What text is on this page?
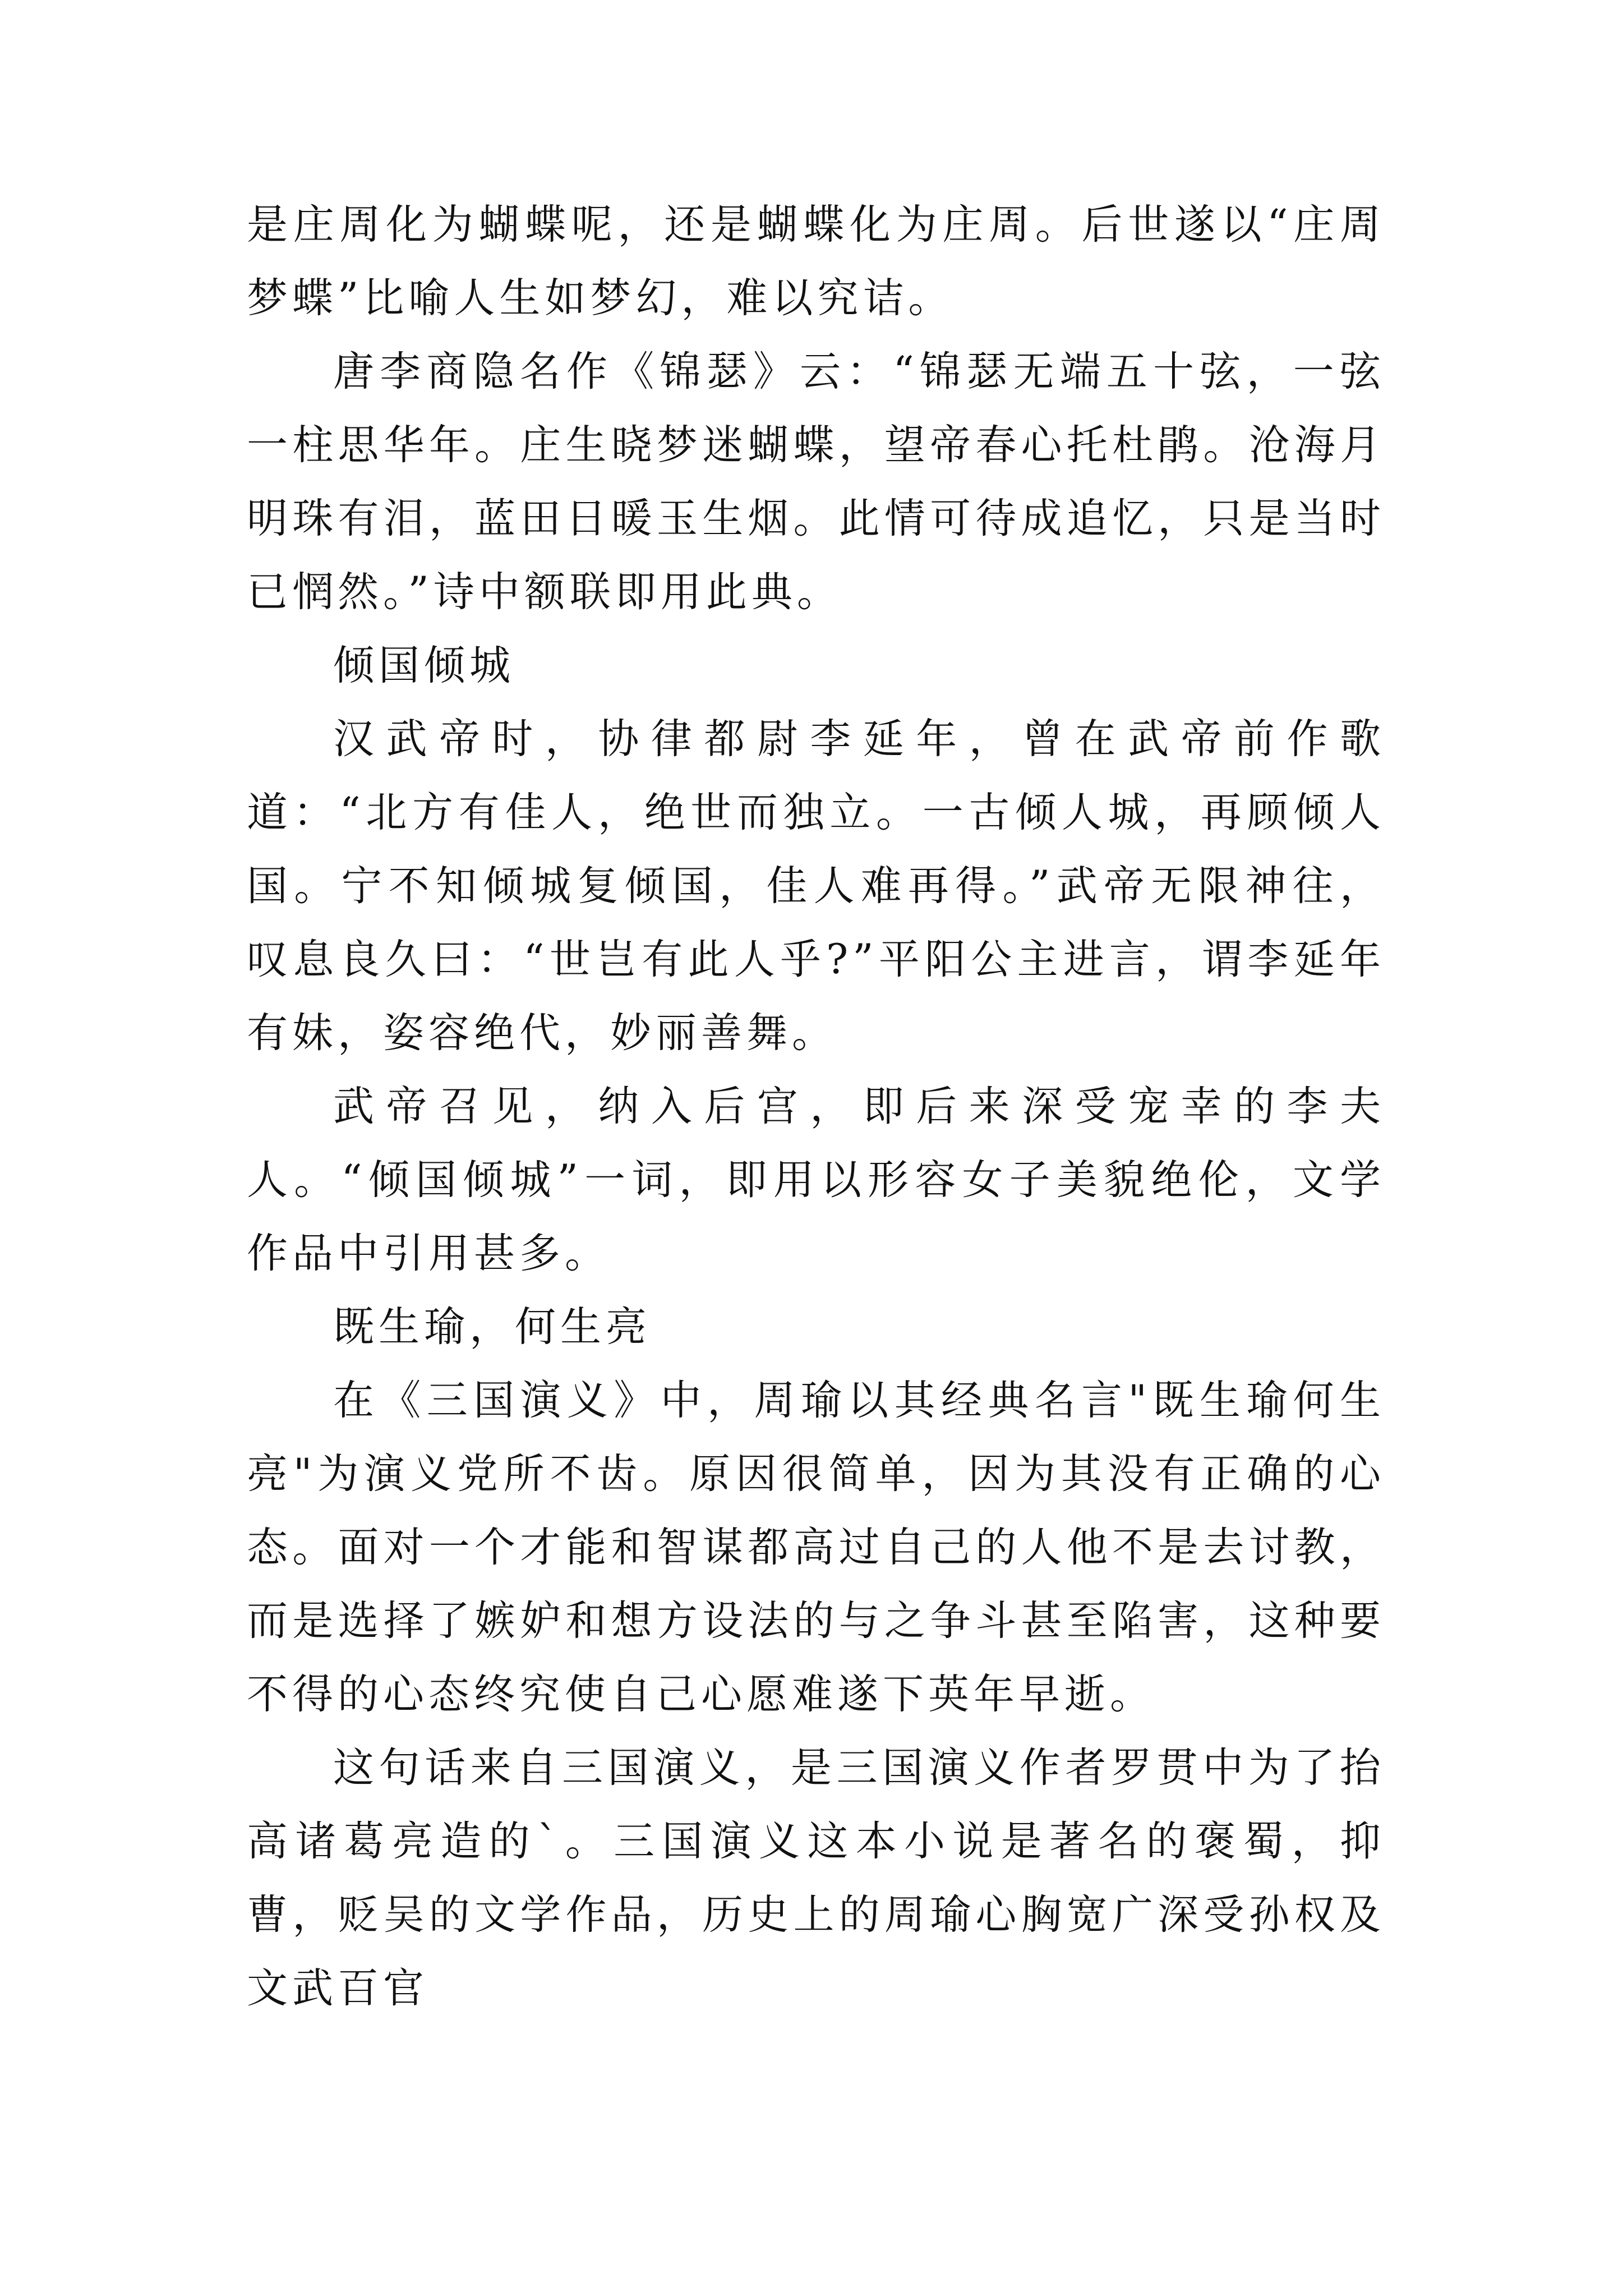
是庄周化为蝴蝶呢，还是蝴蝶化为庄周。后世遂以“庄周梦蝶”比喻人生如梦幻，难以究诘。

唐李商隐名作《锦瑟》云：“锦瑟无端五十弦，一弦一柱思华年。庄生晓梦迷蝴蝶，望帝春心托杜鹃。沧海月明珠有泪，蓝田日暖玉生烟。此情可待成追忆，只是当时已惘然。”诗中额联即用此典。

倾国倾城

汉武帝时，协律都尉李延年，曾在武帝前作歌道：“北方有佳人，绝世而独立。一古倾人城，再顾倾人国。宁不知倾城复倾国，佳人难再得。”武帝无限神往，叹息良久曰：“世岂有此人乎?”平阳公主进言，谓李延年有妹，姿容绝代，妙丽善舞。

武帝召见，纳入后宫，即后来深受宠幸的李夫人。“倾国倾城”一词，即用以形容女子美貌绝伦，文学作品中引用甚多。

既生瑜，何生亮

在《三国演义》中，周瑜以其经典名言"既生瑜何生亮"为演义党所不齿。原因很简单，因为其没有正确的心态。面对一个才能和智谋都高过自己的人他不是去讨教，而是选择了嫉妒和想方设法的与之争斗甚至陷害，这种要不得的心态终究使自己心愿难遂下英年早逝。

这句话来自三国演义，是三国演义作者罗贯中为了抬高诸葛亮造的`。三国演义这本小说是著名的褒蜀，抑曹，贬吴的文学作品，历史上的周瑜心胸宽广深受孙权及文武百官
